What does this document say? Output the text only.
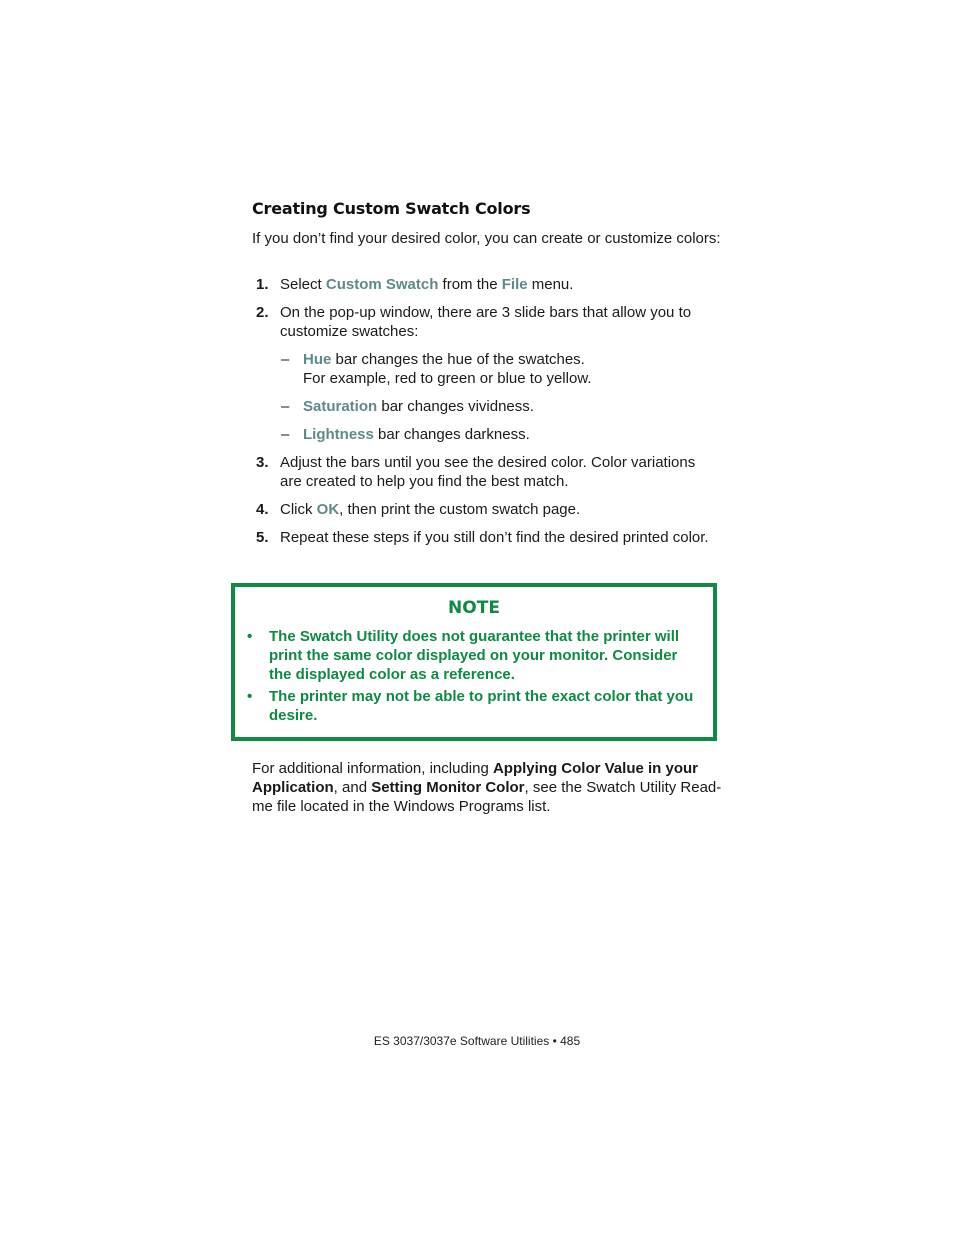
Creating Custom Swatch Colors

If you don’t find your desired color, you can create or customize colors:

1. Select Custom Swatch from the File menu.
2. On the pop-up window, there are 3 slide bars that allow you to customize swatches:
– Hue bar changes the hue of the swatches.
For example, red to green or blue to yellow.
– Saturation bar changes vividness.
– Lightness bar changes darkness.
3. Adjust the bars until you see the desired color. Color variations are created to help you find the best match.
4. Click OK, then print the custom swatch page.
5. Repeat these steps if you still don’t find the desired printed color.
NOTE
• The Swatch Utility does not guarantee that the printer will print the same color displayed on your monitor. Consider the displayed color as a reference.
• The printer may not be able to print the exact color that you desire.

For additional information, including Applying Color Value in your Application, and Setting Monitor Color, see the Swatch Utility Read-me file located in the Windows Programs list.

ES 3037/3037e Software Utilities • 485
